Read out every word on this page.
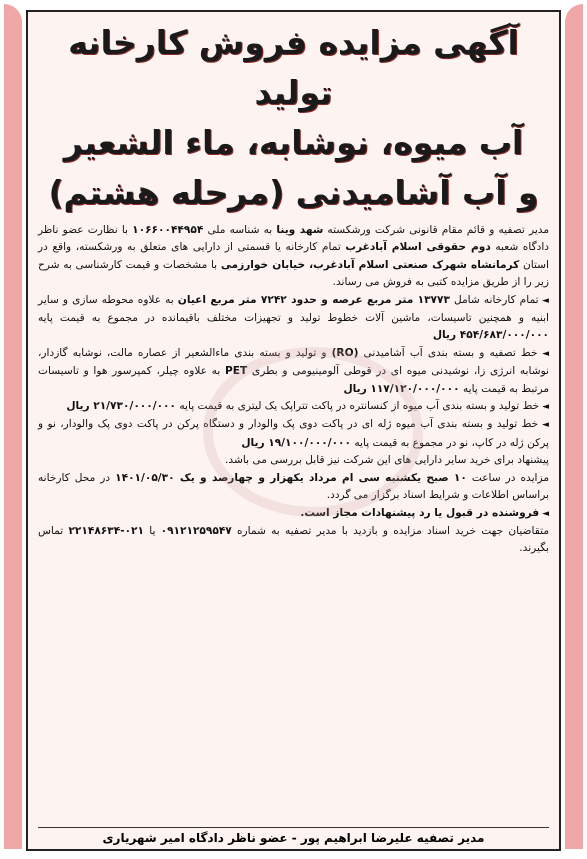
آگهی مزایده فروش کارخانه تولید

آب میوه، نوشابه، ماء الشعیر

و آب آشامیدنی (مرحله هشتم)

مدیر تصفیه و قائم مقام قانونی شرکت ورشکسته شهد وینا به شناسه ملی ۱۰۶۶۰۰۴۴۹۵۴ با نظارت عضو ناظر دادگاه شعبه دوم حقوقی اسلام آبادغرب تمام کارخانه یا قسمتی از دارایی های متعلق به ورشکسته، واقع در استان کرمانشاه شهرک صنعتی اسلام آبادغرب، خیابان خوارزمی با مشخصات و قیمت کارشناسی به شرح زیر را از طریق مزایده کتبی به فروش می رساند.

◄ تمام کارخانه شامل ۱۳۷۷۳ متر مربع عرصه و حدود ۷۲۴۲ متر مربع اعیان به علاوه محوطه سازی و سایر ابنیه و همچنین تاسیسات، ماشین آلات خطوط تولید و تجهیزات مختلف باقیمانده در مجموع به قیمت پایه ۴۵۴/۶۸۳/۰۰۰/۰۰۰ ریال

◄ خط تصفیه و بسته بندی آب آشامیدنی (RO) و تولید و بسته بندی ماءالشعیر از عصاره مالت، نوشابه گازدار، نوشابه انرژی زا، نوشیدنی میوه ای در قوطی آلومینیومی و بطری PET به علاوه چیلر، کمپرسور هوا و تاسیسات مرتبط به قیمت پایه ۱۱۷/۱۲۰/۰۰۰/۰۰۰ ریال

◄ خط تولید و بسته بندی آب میوه از کنسانتره در پاکت تتراپک یک لیتری به قیمت پایه ۲۱/۷۳۰/۰۰۰/۰۰۰ ریال

◄ خط تولید و بسته بندی آب میوه ژله ای در پاکت دوی پک والودار و دستگاه پرکن در پاکت دوی پک والودار، نو و پرکن ژله در کاپ، نو در مجموع به قیمت پایه ۱۹/۱۰۰/۰۰۰/۰۰۰ ریال

پیشنهاد برای خرید سایر دارایی های این شرکت نیز قابل بررسی می باشد.

مزایده در ساعت ۱۰ صبح یکشنبه سی ام مرداد یکهزار و چهارصد و یک ۱۴۰۱/۰۵/۳۰ در محل کارخانه براساس اطلاعات و شرایط اسناد برگزار می گردد.

◄ فروشنده در قبول یا رد پیشنهادات مجاز است.

متقاضیان جهت خرید اسناد مزایده و بازدید با مدیر تصفیه به شماره ۰۹۱۲۱۲۵۹۵۴۷ یا ۰۲۱-۲۲۱۴۸۶۳۴ تماس بگیرند.

مدیر تصفیه علیرضا ابراهیم پور - عضو ناظر دادگاه امیر شهریاری
